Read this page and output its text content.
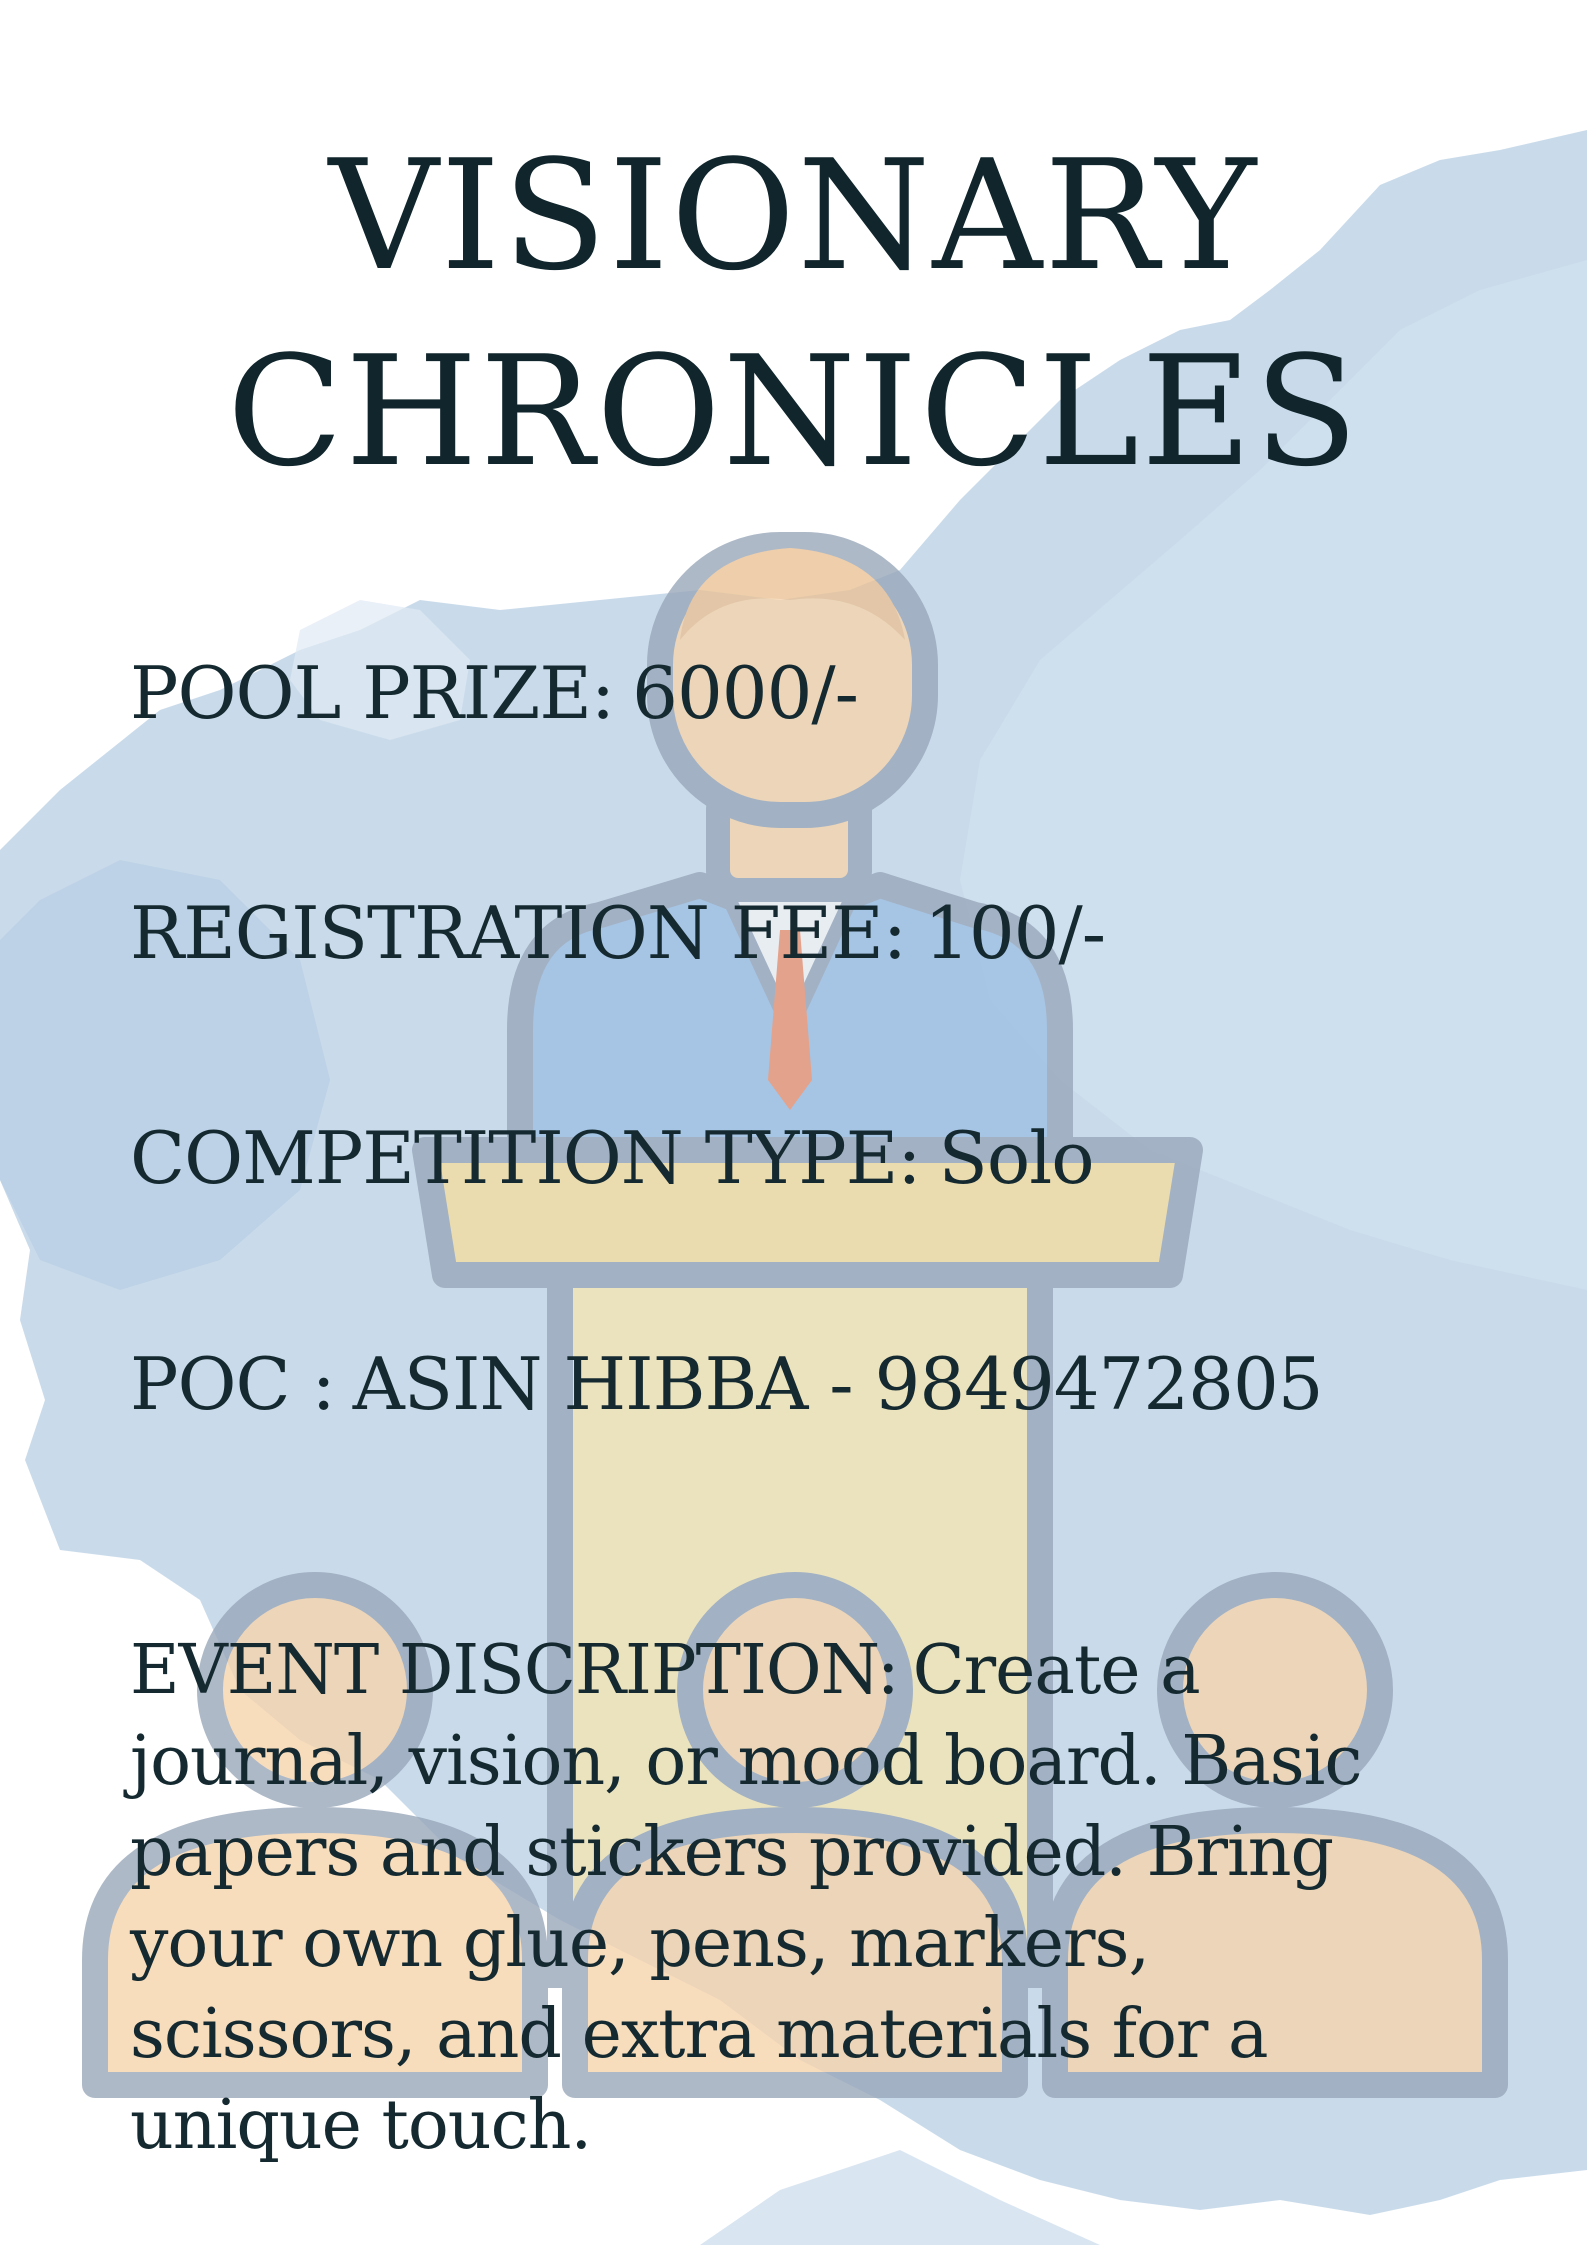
VISIONARY
CHRONICLES
POOL PRIZE: 6000/-
REGISTRATION FEE: 100/-
COMPETITION TYPE: Solo
POC : ASIN HIBBA - 9849472805
EVENT DISCRIPTION: Create a journal, vision, or mood board. Basic papers and stickers provided. Bring your own glue, pens, markers, scissors, and extra materials for a unique touch.
